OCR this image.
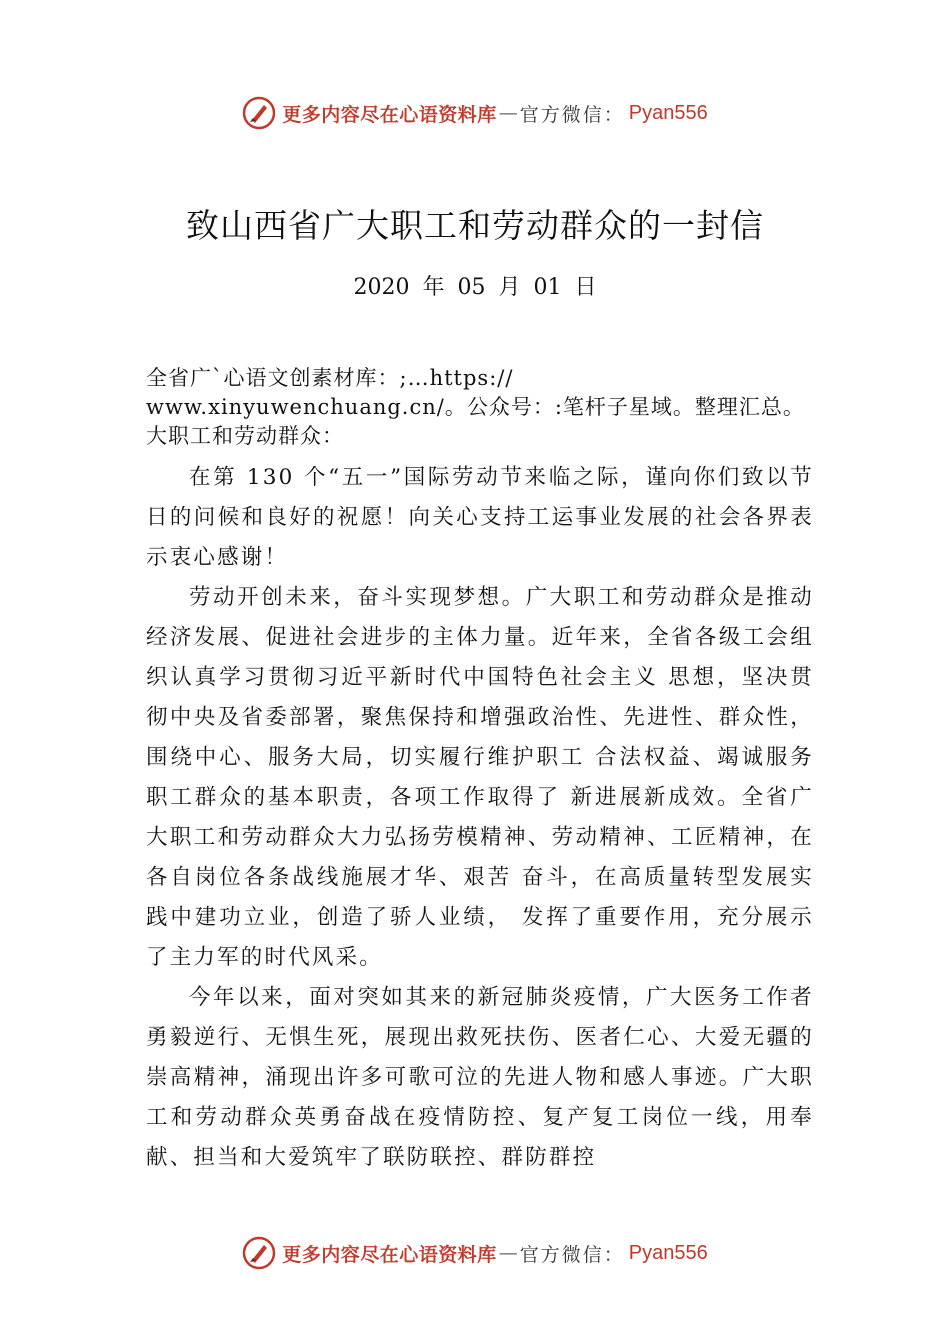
更多内容尽在心语资料库 — 官方微信： Pyan556
致山西省广大职工和劳动群众的一封信
2020 年 05 月 01 日
全省广`心语文创素材库：;…https://
www.xinyuwenchuang.cn/。公众号：:笔杆子星域。整理汇总。
大职工和劳动群众：

在第 130 个“五一”国际劳动节来临之际，谨向你们致以节日的问候和良好的祝愿！向关心支持工运事业发展的社会各界表示衷心感谢！

劳动开创未来，奋斗实现梦想。广大职工和劳动群众是推动经济发展、促进社会进步的主体力量。近年来，全省各级工会组织认真学习贯彻习近平新时代中国特色社会主义 思想，坚决贯彻中央及省委部署，聚焦保持和增强政治性、先进性、群众性，围绕中心、服务大局，切实履行维护职工 合法权益、竭诚服务职工群众的基本职责，各项工作取得了 新进展新成效。全省广大职工和劳动群众大力弘扬劳模精神、劳动精神、工匠精神，在各自岗位各条战线施展才华、艰苦 奋斗，在高质量转型发展实践中建功立业，创造了骄人业绩， 发挥了重要作用，充分展示了主力军的时代风采。

今年以来，面对突如其来的新冠肺炎疫情，广大医务工作者勇毅逆行、无惧生死，展现出救死扶伤、医者仁心、大爱无疆的崇高精神，涌现出许多可歌可泣的先进人物和感人事迹。广大职工和劳动群众英勇奋战在疫情防控、复产复工岗位一线，用奉献、担当和大爱筑牢了联防联控、群防群控

更多内容尽在心语资料库 — 官方微信： Pyan556
